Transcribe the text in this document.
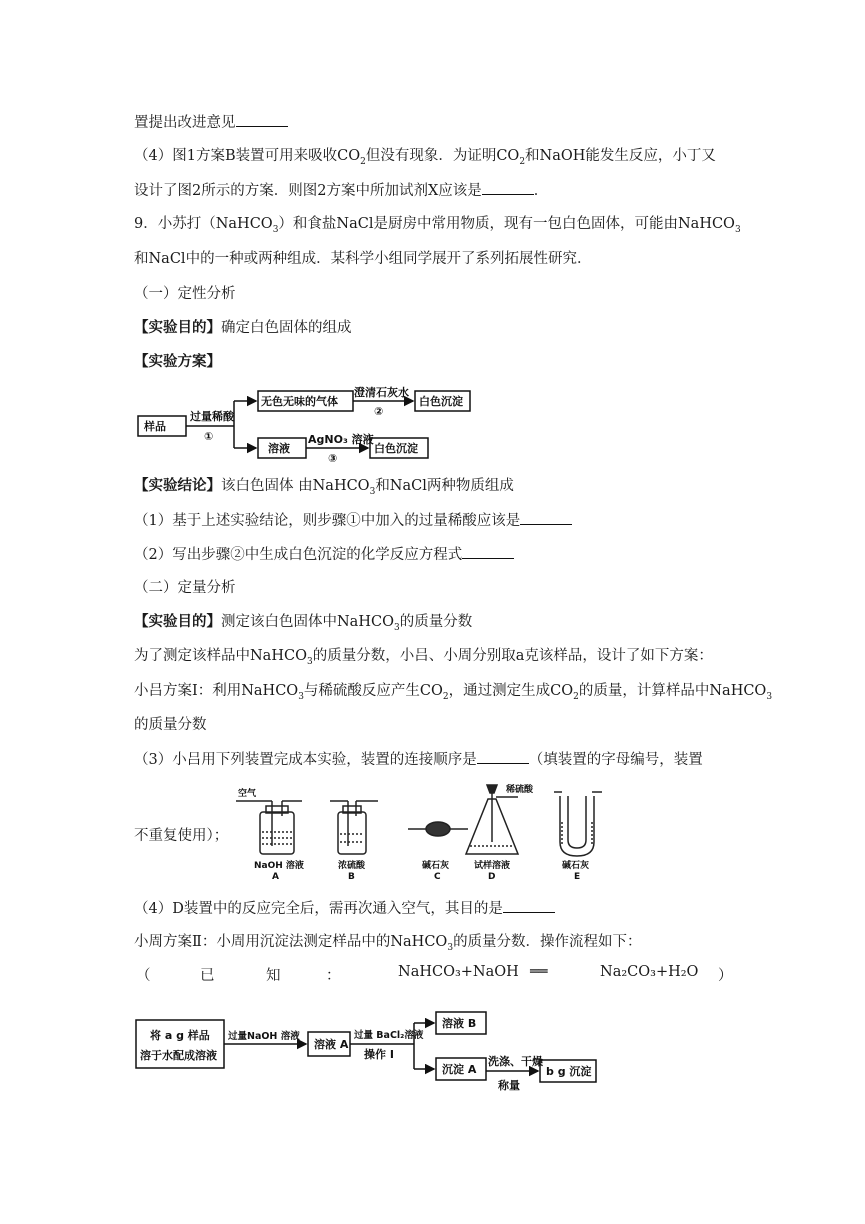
置提出改进意见
（4）图1方案B装置可用来吸收$CO_2$但没有现象．为证明$CO_2$和NaOH能发生反应，小丁又
设计了图2所示的方案．则图2方案中所加试剂X应该是	．
9．小苏打（NaHCO$_3$）和食盐NaCl是厨房中常用物质，现有一包白色固体，可能由NaHCO$_3$
和NaCl中的一种或两种组成．某科学小组同学展开了系列拓展性研究．
（一）定性分析
【实验目的】确定白色固体的组成
【实验方案】
样品
过量稀酸
①
无色无味的气体
澄清石灰水
②
白色沉淀
溶液
AgNO₃ 溶液
③
白色沉淀
【实验结论】该白色固体 由NaHCO$_3$和NaCl两种物质组成
（1）基于上述实验结论，则步骤①中加入的过量稀酸应该是
（2）写出步骤②中生成白色沉淀的化学反应方程式
（二）定量分析
【实验目的】测定该白色固体中NaHCO$_3$的质量分数
为了测定该样品中NaHCO$_3$的质量分数，小吕、小周分别取a克该样品，设计了如下方案：
小吕方案Ⅰ：利用NaHCO$_3$与稀硫酸反应产生$CO_2$，通过测定生成$CO_2$的质量，计算样品中NaHCO$_3$
的质量分数
（3）小吕用下列装置完成本实验，装置的连接顺序是	（填装置的字母编号，装置
不重复使用）；
空气	稀硫酸
NaOH 溶液
A
浓硫酸
B
碱石灰
C
试样溶液
D
碱石灰
E
（4）D装置中的反应完全后，需再次通入空气，其目的是
小周方案Ⅱ：小周用沉淀法测定样品中的NaHCO$_3$的质量分数．操作流程如下：
（	已	知	：	NaHCO₃+NaOH ══	Na₂CO₃+H₂O ）
将 a g 样品
溶于水配成溶液
过量NaOH 溶液
溶液 A
过量 BaCl₂溶液
操作 I
溶液 B
沉淀 A
洗涤、干燥
称量
b g 沉淀
